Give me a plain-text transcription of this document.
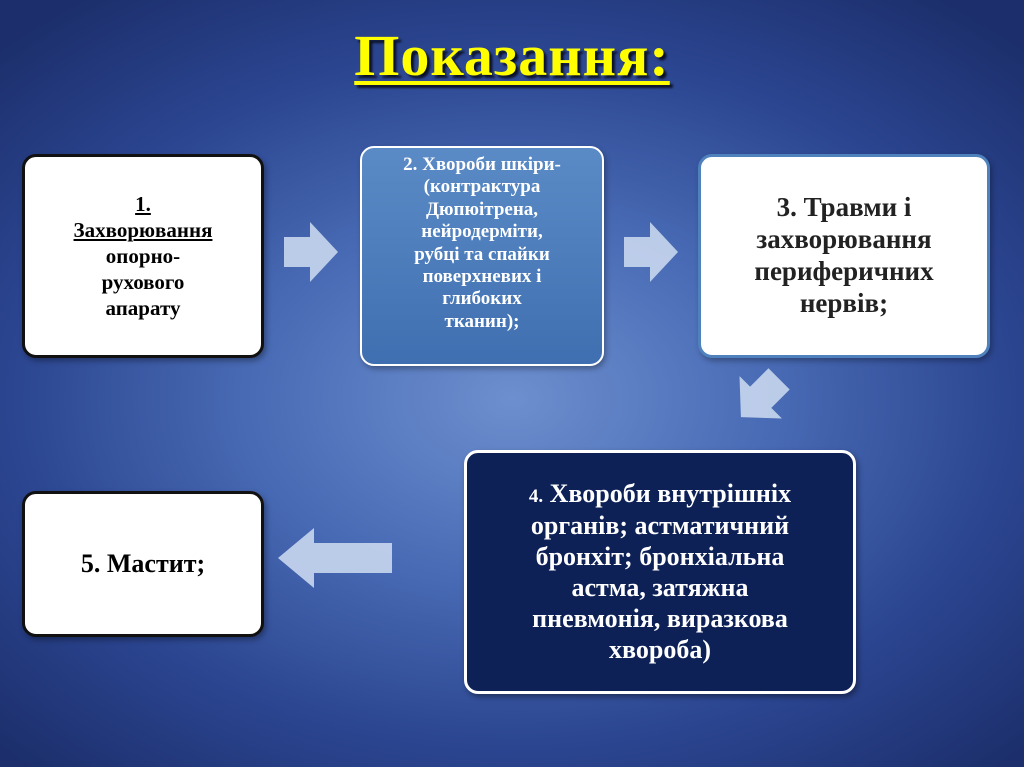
Показання:
1.
Захворювання
опорно-
рухового
апарату
2. Хвороби шкіри-
(контрактура
Дюпюітрена,
нейродерміти,
рубці та спайки
поверхневих і
глибоких
тканин);
3. Травми і
захворювання
периферичних
нервів;
4. Хвороби внутрішніх
органів; астматичний
бронхіт; бронхіальна
астма, затяжна
пневмонія, виразкова
хвороба)
5. Мастит;
